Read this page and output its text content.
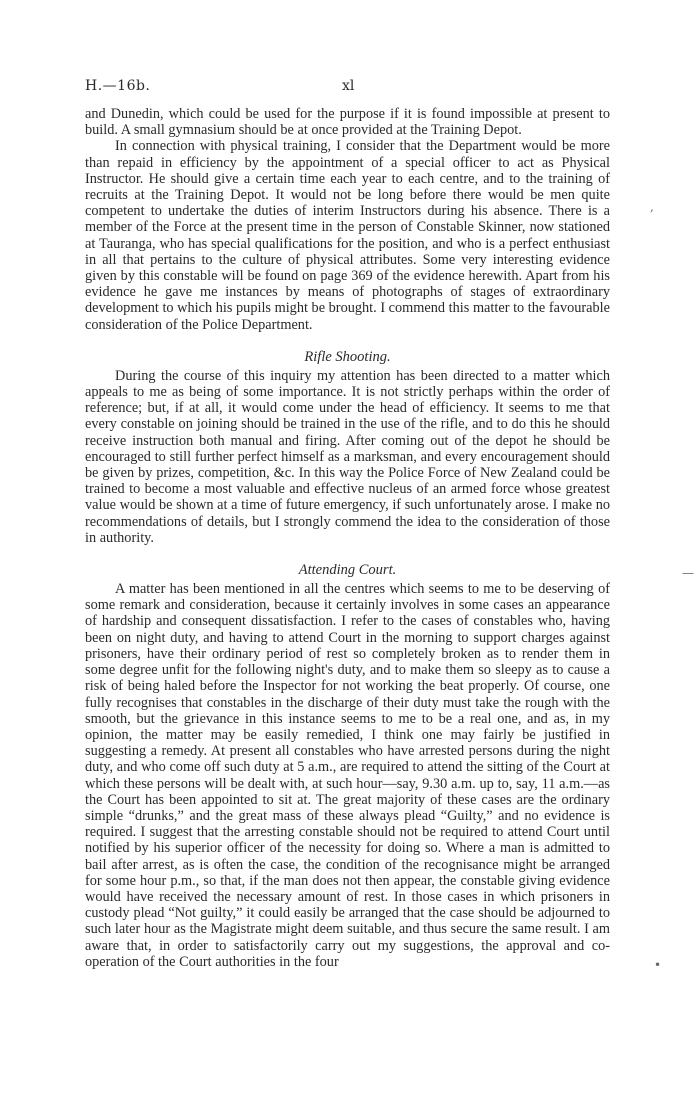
H.—16b.	xl

and Dunedin, which could be used for the purpose if it is found impossible at present to build. A small gymnasium should be at once provided at the Training Depot.

In connection with physical training, I consider that the Department would be more than repaid in efficiency by the appointment of a special officer to act as Physical Instructor. He should give a certain time each year to each centre, and to the training of recruits at the Training Depot. It would not be long before there would be men quite competent to undertake the duties of interim Instructors during his absence. There is a member of the Force at the present time in the person of Constable Skinner, now stationed at Tauranga, who has special qualifications for the position, and who is a perfect enthusiast in all that pertains to the culture of physical attributes. Some very interesting evidence given by this constable will be found on page 369 of the evidence herewith. Apart from his evidence he gave me instances by means of photographs of stages of extraordinary development to which his pupils might be brought. I commend this matter to the favourable consideration of the Police Department.

Rifle Shooting.

During the course of this inquiry my attention has been directed to a matter which appeals to me as being of some importance. It is not strictly perhaps within the order of reference; but, if at all, it would come under the head of efficiency. It seems to me that every constable on joining should be trained in the use of the rifle, and to do this he should receive instruction both manual and firing. After coming out of the depot he should be encouraged to still further perfect himself as a marksman, and every encouragement should be given by prizes, competition, &c. In this way the Police Force of New Zealand could be trained to become a most valuable and effective nucleus of an armed force whose greatest value would be shown at a time of future emergency, if such unfortunately arose. I make no recommendations of details, but I strongly commend the idea to the consideration of those in authority.

Attending Court.

A matter has been mentioned in all the centres which seems to me to be deserving of some remark and consideration, because it certainly involves in some cases an appearance of hardship and consequent dissatisfaction. I refer to the cases of constables who, having been on night duty, and having to attend Court in the morning to support charges against prisoners, have their ordinary period of rest so completely broken as to render them in some degree unfit for the following night's duty, and to make them so sleepy as to cause a risk of being haled before the Inspector for not working the beat properly. Of course, one fully recognises that constables in the discharge of their duty must take the rough with the smooth, but the grievance in this instance seems to me to be a real one, and as, in my opinion, the matter may be easily remedied, I think one may fairly be justified in suggesting a remedy. At present all constables who have arrested persons during the night duty, and who come off such duty at 5 a.m., are required to attend the sitting of the Court at which these persons will be dealt with, at such hour—say, 9.30 a.m. up to, say, 11 a.m.—as the Court has been appointed to sit at. The great majority of these cases are the ordinary simple “drunks,” and the great mass of these always plead “Guilty,” and no evidence is required. I suggest that the arresting constable should not be required to attend Court until notified by his superior officer of the necessity for doing so. Where a man is admitted to bail after arrest, as is often the case, the condition of the recognisance might be arranged for some hour p.m., so that, if the man does not then appear, the constable giving evidence would have received the necessary amount of rest. In those cases in which prisoners in custody plead “Not guilty,” it could easily be arranged that the case should be adjourned to such later hour as the Magistrate might deem suitable, and thus secure the same result. I am aware that, in order to satisfactorily carry out my suggestions, the approval and co-operation of the Court authorities in the four

,
—
•
